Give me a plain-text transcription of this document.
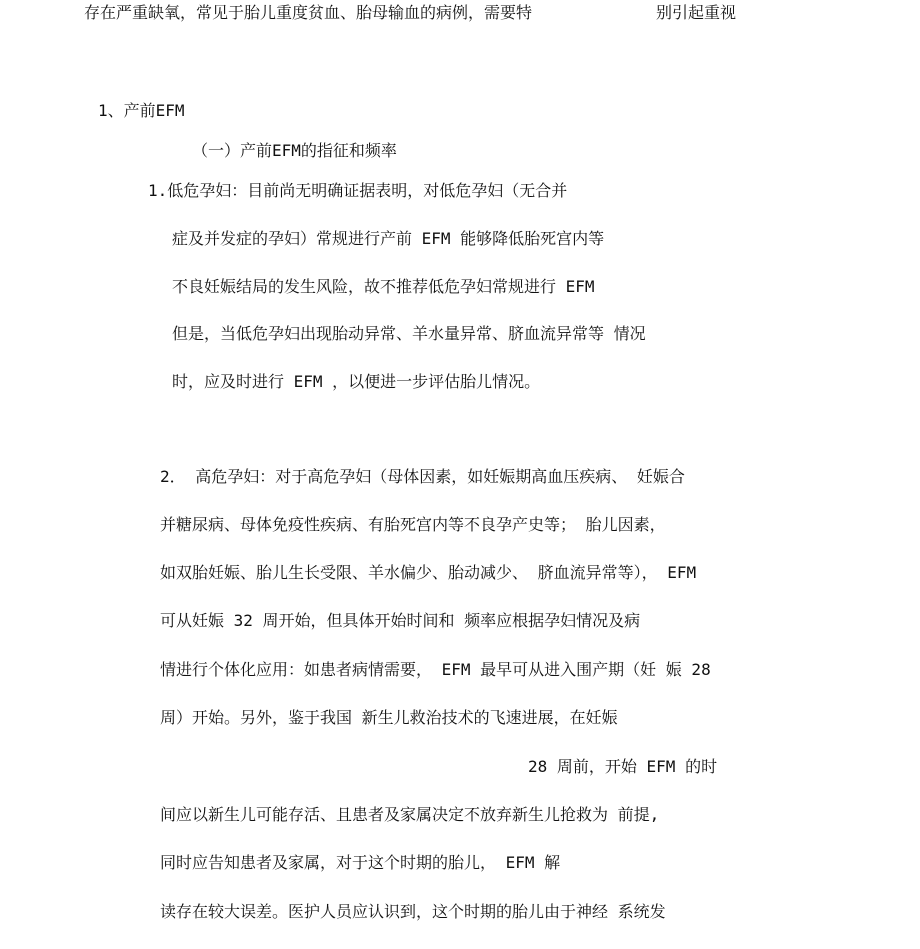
存在严重缺氧，常见于胎儿重度贫血、胎母输血的病例，需要特	别引起重视
1、产前EFM
（一）产前EFM的指征和频率
1.低危孕妇：目前尚无明确证据表明，对低危孕妇（无合并
症及并发症的孕妇）常规进行产前 EFM 能够降低胎死宫内等
不良妊娠结局的发生风险，故不推荐低危孕妇常规进行 EFM
但是，当低危孕妇出现胎动异常、羊水量异常、脐血流异常等 情况
时，应及时进行 EFM ，以便进一步评估胎儿情况。
2． 高危孕妇：对于高危孕妇（母体因素，如妊娠期高血压疾病、 妊娠合
并糖尿病、母体免疫性疾病、有胎死宫内等不良孕产史等； 胎儿因素，
如双胎妊娠、胎儿生长受限、羊水偏少、胎动减少、 脐血流异常等）， EFM
可从妊娠 32 周开始，但具体开始时间和 频率应根据孕妇情况及病
情进行个体化应用：如患者病情需要， EFM 最早可从进入围产期（妊 娠 28
周）开始。另外，鉴于我国 新生儿救治技术的飞速进展，在妊娠
28 周前，开始 EFM 的时
间应以新生儿可能存活、且患者及家属决定不放弃新生儿抢救为 前提,
同时应告知患者及家属，对于这个时期的胎儿， EFM 解
读存在较大误差。医护人员应认识到，这个时期的胎儿由于神经 系统发
